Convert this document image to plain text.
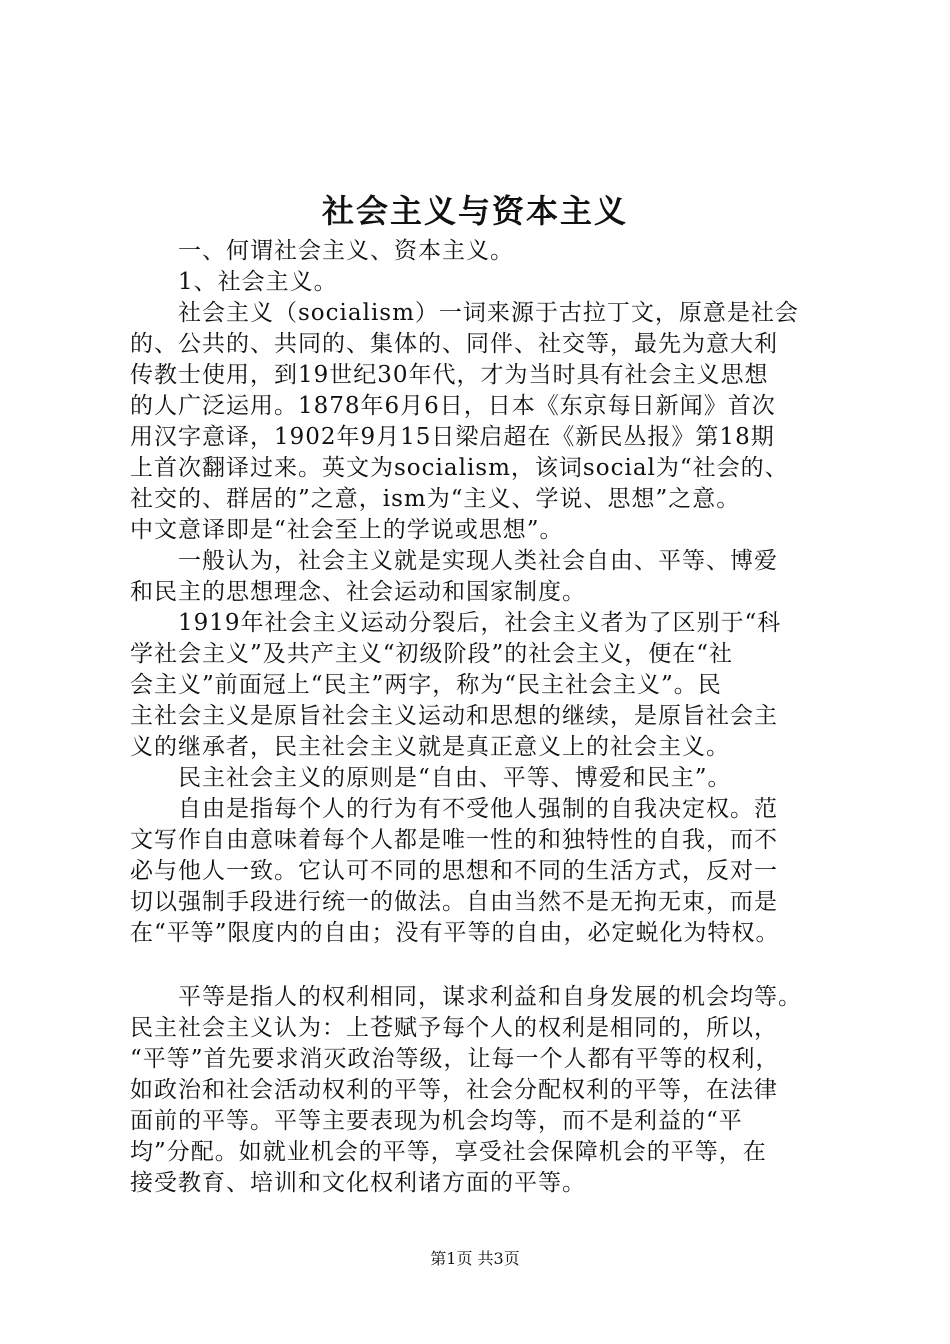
社会主义与资本主义
　　一、何谓社会主义、资本主义。
　　1、社会主义。
　　社会主义（socialism）一词来源于古拉丁文，原意是社会
的、公共的、共同的、集体的、同伴、社交等，最先为意大利
传教士使用，到19世纪30年代，才为当时具有社会主义思想
的人广泛运用。1878年6月6日，日本《东京每日新闻》首次
用汉字意译，1902年9月15日梁启超在《新民丛报》第18期
上首次翻译过来。英文为socialism，该词social为“社会的、
社交的、群居的”之意，ism为“主义、学说、思想”之意。
中文意译即是“社会至上的学说或思想”。
　　一般认为，社会主义就是实现人类社会自由、平等、博爱
和民主的思想理念、社会运动和国家制度。
　　1919年社会主义运动分裂后，社会主义者为了区别于“科
学社会主义”及共产主义“初级阶段”的社会主义，便在“社
会主义”前面冠上“民主”两字，称为“民主社会主义”。民
主社会主义是原旨社会主义运动和思想的继续，是原旨社会主
义的继承者，民主社会主义就是真正意义上的社会主义。
　　民主社会主义的原则是“自由、平等、博爱和民主”。
　　自由是指每个人的行为有不受他人强制的自我决定权。范
文写作自由意味着每个人都是唯一性的和独特性的自我，而不
必与他人一致。它认可不同的思想和不同的生活方式，反对一
切以强制手段进行统一的做法。自由当然不是无拘无束，而是
在“平等”限度内的自由；没有平等的自由，必定蜕化为特权。
　　平等是指人的权利相同，谋求利益和自身发展的机会均等。
民主社会主义认为：上苍赋予每个人的权利是相同的，所以，
“平等”首先要求消灭政治等级，让每一个人都有平等的权利，
如政治和社会活动权利的平等，社会分配权利的平等，在法律
面前的平等。平等主要表现为机会均等，而不是利益的“平
均”分配。如就业机会的平等，享受社会保障机会的平等，在
接受教育、培训和文化权利诸方面的平等。
第1页 共3页
